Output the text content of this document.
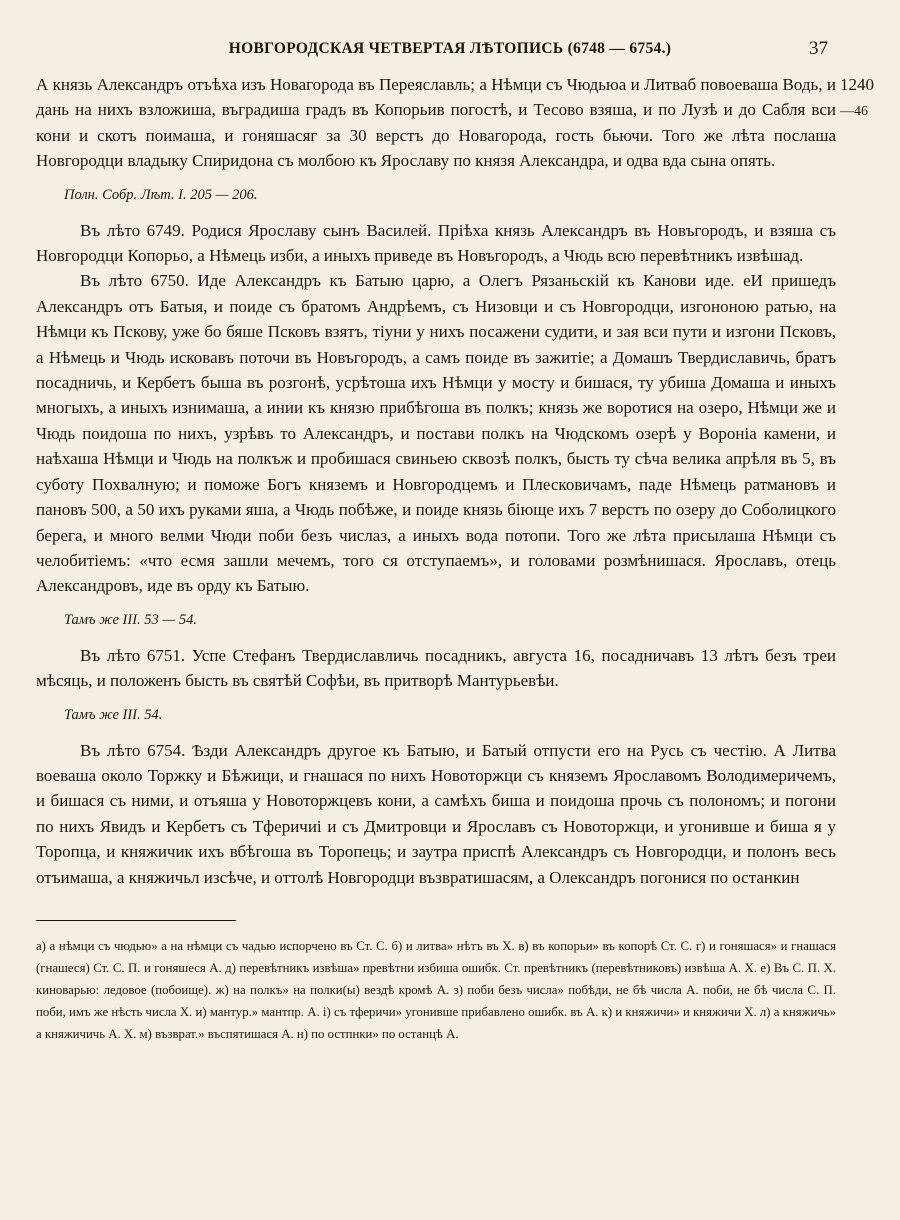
НОВГОРОДСКАЯ ЧЕТВЕРТАЯ ЛѢТОПИСЬ (6748 — 6754.)	37
1240
—46

А князь Александръ отъѣха изъ Новагорода въ Переяславль; а Нѣмци съ Чюдьюа и Литваб повоеваша Водь, и дань на нихъ взложиша, въградиша градъ въ Копорьив погостѣ, и Тесово взяша, и по Лузѣ и до Сабля вси кони и скотъ поимаша, и гоняшасяг за 30 верстъ до Новагорода, гость бьючи. Того же лѣта послаша Новгородци владыку Спиридона съ молбою къ Ярославу по князя Александра, и одва вда сына опять.

Полн. Собр. Лѣт. I. 205 — 206.

Въ лѣто 6749. Родися Ярославу сынъ Василей. Пріѣха князь Александръ въ Новъгородъ, и взяша съ Новгородци Копорьо, а Нѣмець изби, а иныхъ приведе въ Новъгородъ, а Чюдь всю перевѣтникъ извѣшад.

Въ лѣто 6750. Иде Александръ къ Батыю царю, а Олегъ Рязаньскій къ Канови иде. еИ пришедъ Александръ отъ Батыя, и поиде съ братомъ Андрѣемъ, съ Низовци и съ Новгородци, изгононою ратью, на Нѣмци къ Пскову, уже бо бяше Псковъ взятъ, тіуни у нихъ посажени судити, и зая вси пути и изгони Псковъ, а Нѣмець и Чюдь исковавъ поточи въ Новъгородъ, а самъ поиде въ зажитіе; а Домашъ Твердиславичь, братъ посадничь, и Кербетъ быша въ розгонѣ, усрѣтоша ихъ Нѣмци у мосту и бишася, ту убиша Домаша и иныхъ многыхъ, а иныхъ изнимаша, а инии къ князю прибѣгоша въ полкъ; князь же воротися на озеро, Нѣмци же и Чюдь поидоша по нихъ, узрѣвъ то Александръ, и постави полкъ на Чюдскомъ озерѣ у Вороніа камени, и наѣхаша Нѣмци и Чюдь на полкъж и пробишася свиньею сквозѣ полкъ, бысть ту сѣча велика апрѣля въ 5, въ суботу Похвалную; и поможе Богъ княземъ и Новгородцемъ и Плесковичамъ, паде Нѣмець ратмановъ и пановъ 500, а 50 ихъ руками яша, а Чюдь побѣже, и поиде князь біюще ихъ 7 верстъ по озеру до Соболицкого берега, и много велми Чюди поби безъ числаз, а иныхъ вода потопи. Того же лѣта присылаша Нѣмци съ челобитіемъ: «что есмя зашли мечемъ, того ся отступаемъ», и головами розмѣнишася. Ярославъ, отець Александровъ, иде въ орду къ Батыю.

Тамъ же III. 53 — 54.

Въ лѣто 6751. Успе Стефанъ Твердиславличь посадникъ, августа 16, посадничавъ 13 лѣтъ безъ треи мѣсяць, и положенъ бысть въ святѣй Софѣи, въ притворѣ Мантурьевѣи.

Тамъ же III. 54.

Въ лѣто 6754. Ѣзди Александръ другое къ Батыю, и Батый отпусти его на Русь съ честію. А Литва воеваша около Торжку и Бѣжици, и гнашася по нихъ Новоторжци съ княземъ Ярославомъ Володимеричемъ, и бишася съ ними, и отъяша у Новоторжцевъ кони, а самѣхъ биша и поидоша прочь съ полономъ; и погони по нихъ Явидъ и Кербетъ съ Тферичиі и съ Дмитровци и Ярославъ съ Новоторжци, и угонивше и биша я у Торопца, и княжичик ихъ вбѣгоша въ Торопець; и заутра приспѣ Александръ съ Новгородци, и полонъ весь отъимаша, а княжичьл изсѣче, и оттолѣ Новгородци възвратишасям, а Олександръ погонися по останкин

а) а нѣмци съ чюдью» а на нѣмци съ чадью испорчено въ Ст. С. б) и литва» нѣтъ въ Х. в) въ копорьи» въ копорѣ Ст. С. г) и гоняшася» и гнашася (гнашеся) Ст. С. П. и гоняшеся А. д) перевѣтникъ извѣша» превѣтни избиша ошибк. Ст. превѣтникъ (перевѣтниковъ) извѣша А. Х. е) Въ С. П. Х. киноварью: ледовое (побоище). ж) на полкъ» на полки(ы) вездѣ кромѣ А. з) поби безъ числа» побѣди, не бѣ числа А. поби, не бѣ числа С. П. поби, имъ же нѣсть числа Х. и) мантур.» мантпр. А. і) съ тферичи» угонивше прибавлено ошибк. въ А. к) и княжичи» и княжичи Х. л) а княжичь» а княжичичь А. Х. м) възврат.» въспятишася А. н) по остпнки» по останцѣ А.
